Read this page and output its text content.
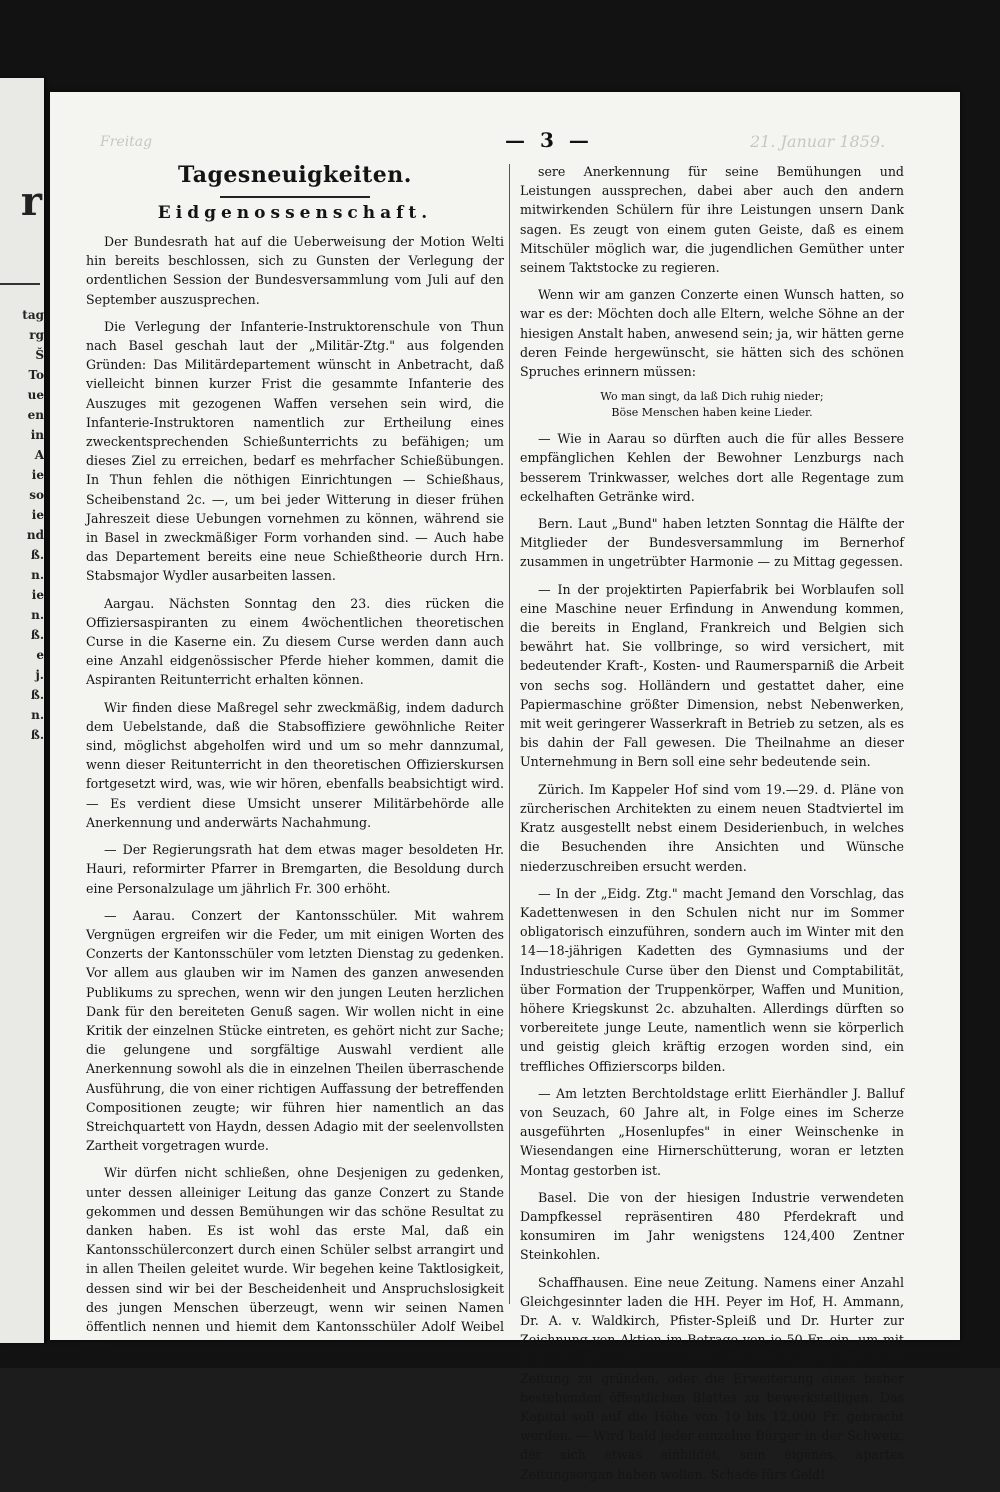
r
tag
rg
Š
To
ue
en
in
A
ie
so
ie
nd
ß.
n.
ie
n.
ß.
e
j.
ß.
n.
ß.
Freitag	21. Januar 1859.
— 3 —
Tagesneuigkeiten.
Eidgenossenschaft.

Der Bundesrath hat auf die Ueberweisung der Motion Welti hin bereits beschlossen, sich zu Gunsten der Verlegung der ordentlichen Session der Bundesversammlung vom Juli auf den September auszusprechen.

Die Verlegung der Infanterie-Instruktorenschule von Thun nach Basel geschah laut der „Militär-Ztg." aus folgenden Gründen: Das Militärdepartement wünscht in Anbetracht, daß vielleicht binnen kurzer Frist die gesammte Infanterie des Auszuges mit gezogenen Waffen versehen sein wird, die Infanterie-Instruktoren namentlich zur Ertheilung eines zweckentsprechenden Schießunterrichts zu befähigen; um dieses Ziel zu erreichen, bedarf es mehrfacher Schießübungen. In Thun fehlen die nöthigen Einrichtungen — Schießhaus, Scheibenstand 2c. —, um bei jeder Witterung in dieser frühen Jahreszeit diese Uebungen vornehmen zu können, während sie in Basel in zweckmäßiger Form vorhanden sind. — Auch habe das Departement bereits eine neue Schießtheorie durch Hrn. Stabsmajor Wydler ausarbeiten lassen.

Aargau. Nächsten Sonntag den 23. dies rücken die Offiziersaspiranten zu einem 4wöchentlichen theoretischen Curse in die Kaserne ein. Zu diesem Curse werden dann auch eine Anzahl eidgenössischer Pferde hieher kommen, damit die Aspiranten Reitunterricht erhalten können.

Wir finden diese Maßregel sehr zweckmäßig, indem dadurch dem Uebelstande, daß die Stabsoffiziere gewöhnliche Reiter sind, möglichst abgeholfen wird und um so mehr dannzumal, wenn dieser Reitunterricht in den theoretischen Offizierskursen fortgesetzt wird, was, wie wir hören, ebenfalls beabsichtigt wird. — Es verdient diese Umsicht unserer Militärbehörde alle Anerkennung und anderwärts Nachahmung.

— Der Regierungsrath hat dem etwas mager besoldeten Hr. Hauri, reformirter Pfarrer in Bremgarten, die Besoldung durch eine Personalzulage um jährlich Fr. 300 erhöht.

— Aarau. Conzert der Kantonsschüler. Mit wahrem Vergnügen ergreifen wir die Feder, um mit einigen Worten des Conzerts der Kantonsschüler vom letzten Dienstag zu gedenken. Vor allem aus glauben wir im Namen des ganzen anwesenden Publikums zu sprechen, wenn wir den jungen Leuten herzlichen Dank für den bereiteten Genuß sagen. Wir wollen nicht in eine Kritik der einzelnen Stücke eintreten, es gehört nicht zur Sache; die gelungene und sorgfältige Auswahl verdient alle Anerkennung sowohl als die in einzelnen Theilen überraschende Ausführung, die von einer richtigen Auffassung der betreffenden Compositionen zeugte; wir führen hier namentlich an das Streichquartett von Haydn, dessen Adagio mit der seelenvollsten Zartheit vorgetragen wurde.

Wir dürfen nicht schließen, ohne Desjenigen zu gedenken, unter dessen alleiniger Leitung das ganze Conzert zu Stande gekommen und dessen Bemühungen wir das schöne Resultat zu danken haben. Es ist wohl das erste Mal, daß ein Kantonsschülerconzert durch einen Schüler selbst arrangirt und in allen Theilen geleitet wurde. Wir begehen keine Taktlosigkeit, dessen sind wir bei der Bescheidenheit und Anspruchslosigkeit des jungen Menschen überzeugt, wenn wir seinen Namen öffentlich nennen und hiemit dem Kantonsschüler Adolf Weibel un-

sere Anerkennung für seine Bemühungen und Leistungen aussprechen, dabei aber auch den andern mitwirkenden Schülern für ihre Leistungen unsern Dank sagen. Es zeugt von einem guten Geiste, daß es einem Mitschüler möglich war, die jugendlichen Gemüther unter seinem Taktstocke zu regieren.

Wenn wir am ganzen Conzerte einen Wunsch hatten, so war es der: Möchten doch alle Eltern, welche Söhne an der hiesigen Anstalt haben, anwesend sein; ja, wir hätten gerne deren Feinde hergewünscht, sie hätten sich des schönen Spruches erinnern müssen:

Wo man singt, da laß Dich ruhig nieder;
Böse Menschen haben keine Lieder.

— Wie in Aarau so dürften auch die für alles Bessere empfänglichen Kehlen der Bewohner Lenzburgs nach besserem Trinkwasser, welches dort alle Regentage zum eckelhaften Getränke wird.

Bern. Laut „Bund" haben letzten Sonntag die Hälfte der Mitglieder der Bundesversammlung im Bernerhof zusammen in ungetrübter Harmonie — zu Mittag gegessen.

— In der projektirten Papierfabrik bei Worblaufen soll eine Maschine neuer Erfindung in Anwendung kommen, die bereits in England, Frankreich und Belgien sich bewährt hat. Sie vollbringe, so wird versichert, mit bedeutender Kraft-, Kosten- und Raumersparniß die Arbeit von sechs sog. Holländern und gestattet daher, eine Papiermaschine größter Dimension, nebst Nebenwerken, mit weit geringerer Wasserkraft in Betrieb zu setzen, als es bis dahin der Fall gewesen. Die Theilnahme an dieser Unternehmung in Bern soll eine sehr bedeutende sein.

Zürich. Im Kappeler Hof sind vom 19.—29. d. Pläne von zürcherischen Architekten zu einem neuen Stadtviertel im Kratz ausgestellt nebst einem Desiderienbuch, in welches die Besuchenden ihre Ansichten und Wünsche niederzuschreiben ersucht werden.

— In der „Eidg. Ztg." macht Jemand den Vorschlag, das Kadettenwesen in den Schulen nicht nur im Sommer obligatorisch einzuführen, sondern auch im Winter mit den 14—18-jährigen Kadetten des Gymnasiums und der Industrieschule Curse über den Dienst und Comptabilität, über Formation der Truppenkörper, Waffen und Munition, höhere Kriegskunst 2c. abzuhalten. Allerdings dürften so vorbereitete junge Leute, namentlich wenn sie körperlich und geistig gleich kräftig erzogen worden sind, ein treffliches Offizierscorps bilden.

— Am letzten Berchtoldstage erlitt Eierhändler J. Balluf von Seuzach, 60 Jahre alt, in Folge eines im Scherze ausgeführten „Hosenlupfes" in einer Weinschenke in Wiesendangen eine Hirnerschütterung, woran er letzten Montag gestorben ist.

Basel. Die von der hiesigen Industrie verwendeten Dampfkessel repräsentiren 480 Pferdekraft und konsumiren im Jahr wenigstens 124,400 Zentner Steinkohlen.

Schaffhausen. Eine neue Zeitung. Namens einer Anzahl Gleichgesinnter laden die HH. Peyer im Hof, H. Ammann, Dr. A. v. Waldkirch, Pfister-Spleiß und Dr. Hurter zur Zeichnung von Aktien im Betrage von je 50 Fr. ein, um mit dem auf diese Weise zu beschaffenden Kapital eine neue Zeitung zu gründen, oder die Erweiterung eines bisher bestehenden öffentlichen Blattes zu bewerkstelligen. Das Kapital soll auf die Höhe von 10 bis 12,000 Fr. gebracht werden. — Wird bald jeder einzelne Bürger in der Schweiz, der sich etwas einbildet, sein eigenes, apartes Zeitungsorgan haben wollen. Schade fürs Geld!
